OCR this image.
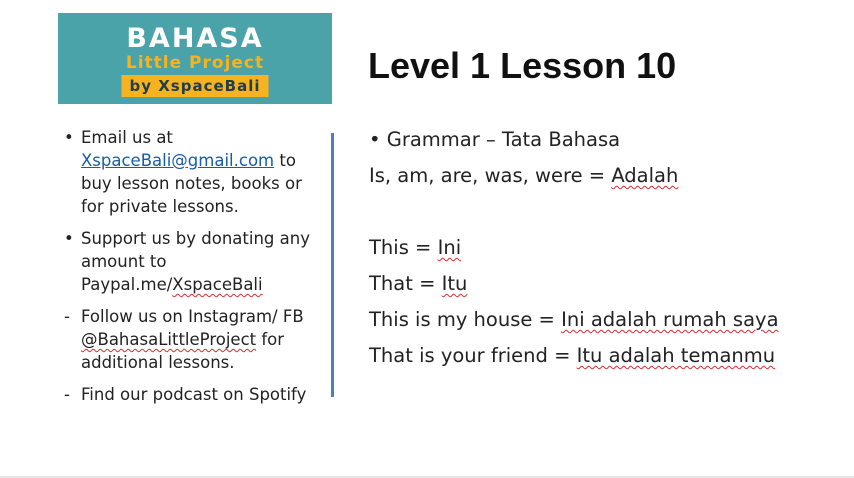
BAHASA
Little Project
by XspaceBali	Level 1 Lesson 10
• Email us at XspaceBali@gmail.com to buy lesson notes, books or for private lessons.
• Support us by donating any amount to Paypal.me/XspaceBali
- Follow us on Instagram/ FB @BahasaLittleProject for additional lessons.
- Find our podcast on Spotify
• Grammar – Tata Bahasa
Is, am, are, was, were = Adalah
This = Ini
That = Itu
This is my house = Ini adalah rumah saya
That is your friend = Itu adalah temanmu
